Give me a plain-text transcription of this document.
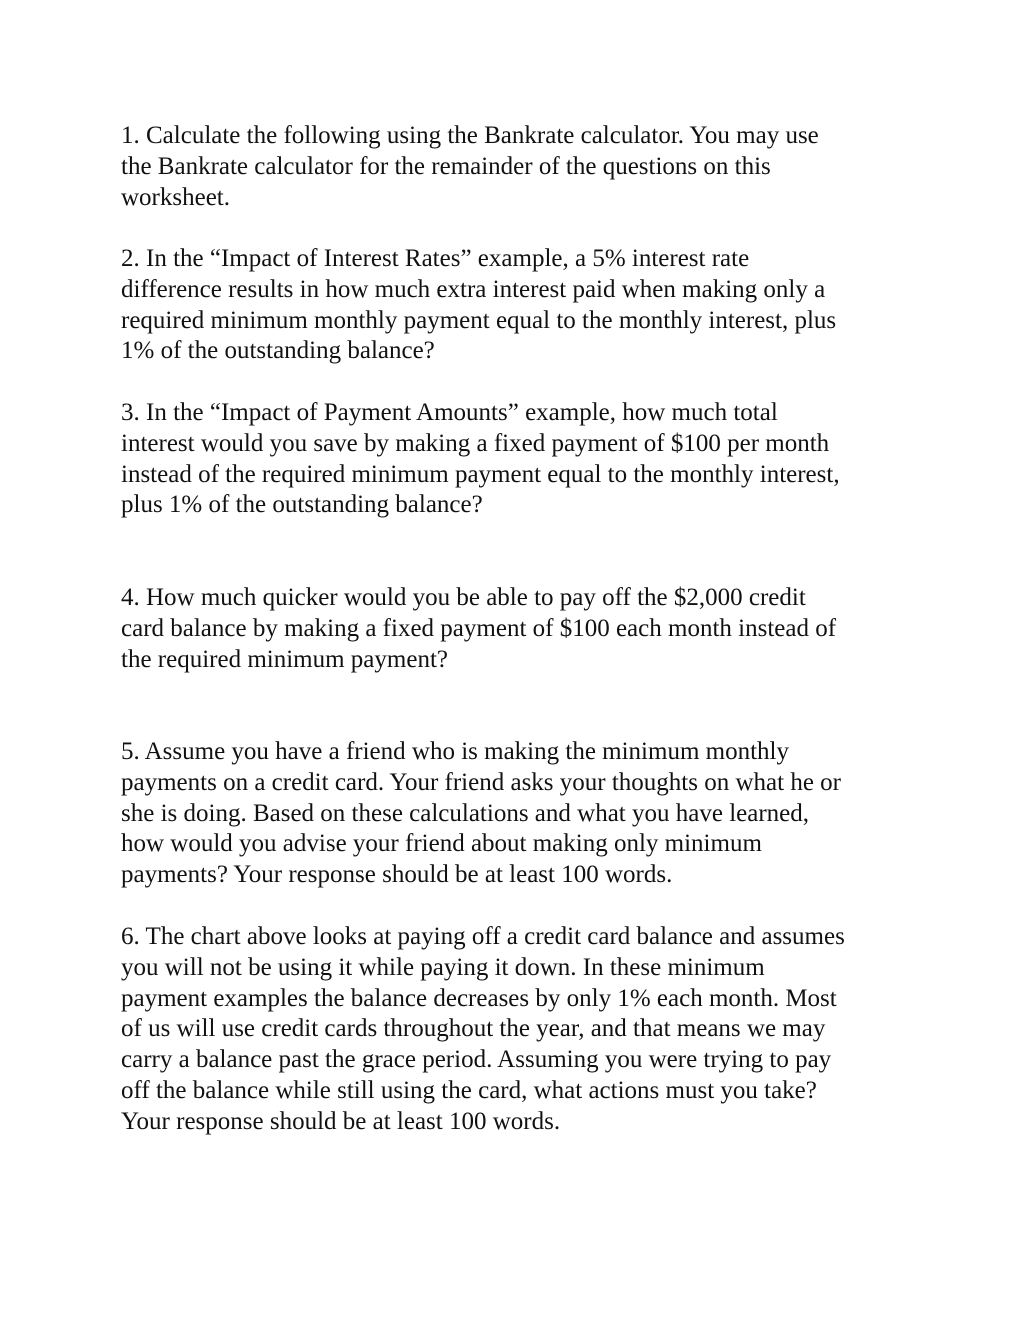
1. Calculate the following using the Bankrate calculator. You may use
the Bankrate calculator for the remainder of the questions on this
worksheet.

2. In the “Impact of Interest Rates” example, a 5% interest rate
difference results in how much extra interest paid when making only a
required minimum monthly payment equal to the monthly interest, plus
1% of the outstanding balance?

3. In the “Impact of Payment Amounts” example, how much total
interest would you save by making a fixed payment of $100 per month
instead of the required minimum payment equal to the monthly interest,
plus 1% of the outstanding balance?

4. How much quicker would you be able to pay off the $2,000 credit
card balance by making a fixed payment of $100 each month instead of
the required minimum payment?

5. Assume you have a friend who is making the minimum monthly
payments on a credit card. Your friend asks your thoughts on what he or
she is doing. Based on these calculations and what you have learned,
how would you advise your friend about making only minimum
payments? Your response should be at least 100 words.

6. The chart above looks at paying off a credit card balance and assumes
you will not be using it while paying it down. In these minimum
payment examples the balance decreases by only 1% each month. Most
of us will use credit cards throughout the year, and that means we may
carry a balance past the grace period. Assuming you were trying to pay
off the balance while still using the card, what actions must you take?
Your response should be at least 100 words.
